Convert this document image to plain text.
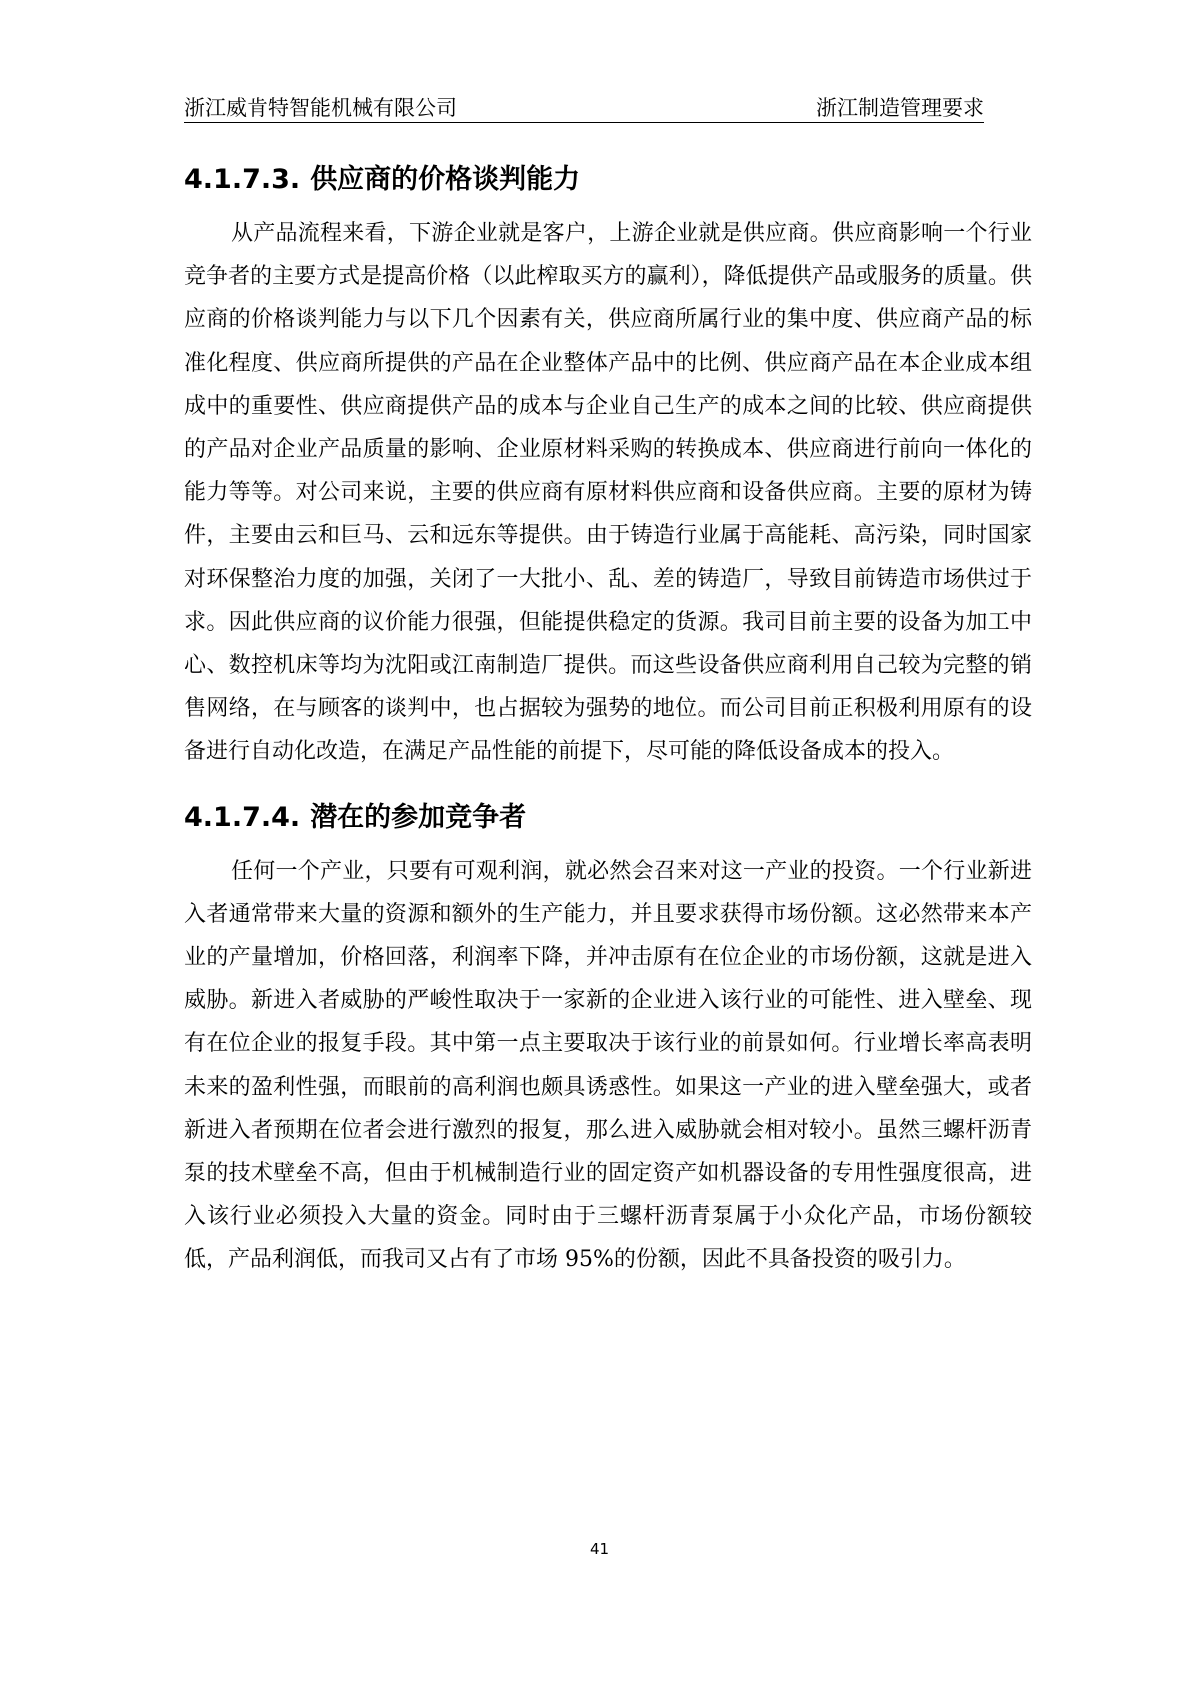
浙江威肯特智能机械有限公司	浙江制造管理要求
4.1.7.3. 供应商的价格谈判能力

从产品流程来看，下游企业就是客户，上游企业就是供应商。供应商影响一个行业竞争者的主要方式是提高价格（以此榨取买方的赢利），降低提供产品或服务的质量。供应商的价格谈判能力与以下几个因素有关，供应商所属行业的集中度、供应商产品的标准化程度、供应商所提供的产品在企业整体产品中的比例、供应商产品在本企业成本组成中的重要性、供应商提供产品的成本与企业自己生产的成本之间的比较、供应商提供的产品对企业产品质量的影响、企业原材料采购的转换成本、供应商进行前向一体化的能力等等。对公司来说，主要的供应商有原材料供应商和设备供应商。主要的原材为铸件，主要由云和巨马、云和远东等提供。由于铸造行业属于高能耗、高污染，同时国家对环保整治力度的加强，关闭了一大批小、乱、差的铸造厂，导致目前铸造市场供过于求。因此供应商的议价能力很强，但能提供稳定的货源。我司目前主要的设备为加工中心、数控机床等均为沈阳或江南制造厂提供。而这些设备供应商利用自己较为完整的销售网络，在与顾客的谈判中，也占据较为强势的地位。而公司目前正积极利用原有的设备进行自动化改造，在满足产品性能的前提下，尽可能的降低设备成本的投入。

4.1.7.4. 潜在的参加竞争者

任何一个产业，只要有可观利润，就必然会召来对这一产业的投资。一个行业新进入者通常带来大量的资源和额外的生产能力，并且要求获得市场份额。这必然带来本产业的产量增加，价格回落，利润率下降，并冲击原有在位企业的市场份额，这就是进入威胁。新进入者威胁的严峻性取决于一家新的企业进入该行业的可能性、进入壁垒、现有在位企业的报复手段。其中第一点主要取决于该行业的前景如何。行业增长率高表明未来的盈利性强，而眼前的高利润也颇具诱惑性。如果这一产业的进入壁垒强大，或者新进入者预期在位者会进行激烈的报复，那么进入威胁就会相对较小。虽然三螺杆沥青泵的技术壁垒不高，但由于机械制造行业的固定资产如机器设备的专用性强度很高，进入该行业必须投入大量的资金。同时由于三螺杆沥青泵属于小众化产品，市场份额较低，产品利润低，而我司又占有了市场 95%的份额，因此不具备投资的吸引力。

41
